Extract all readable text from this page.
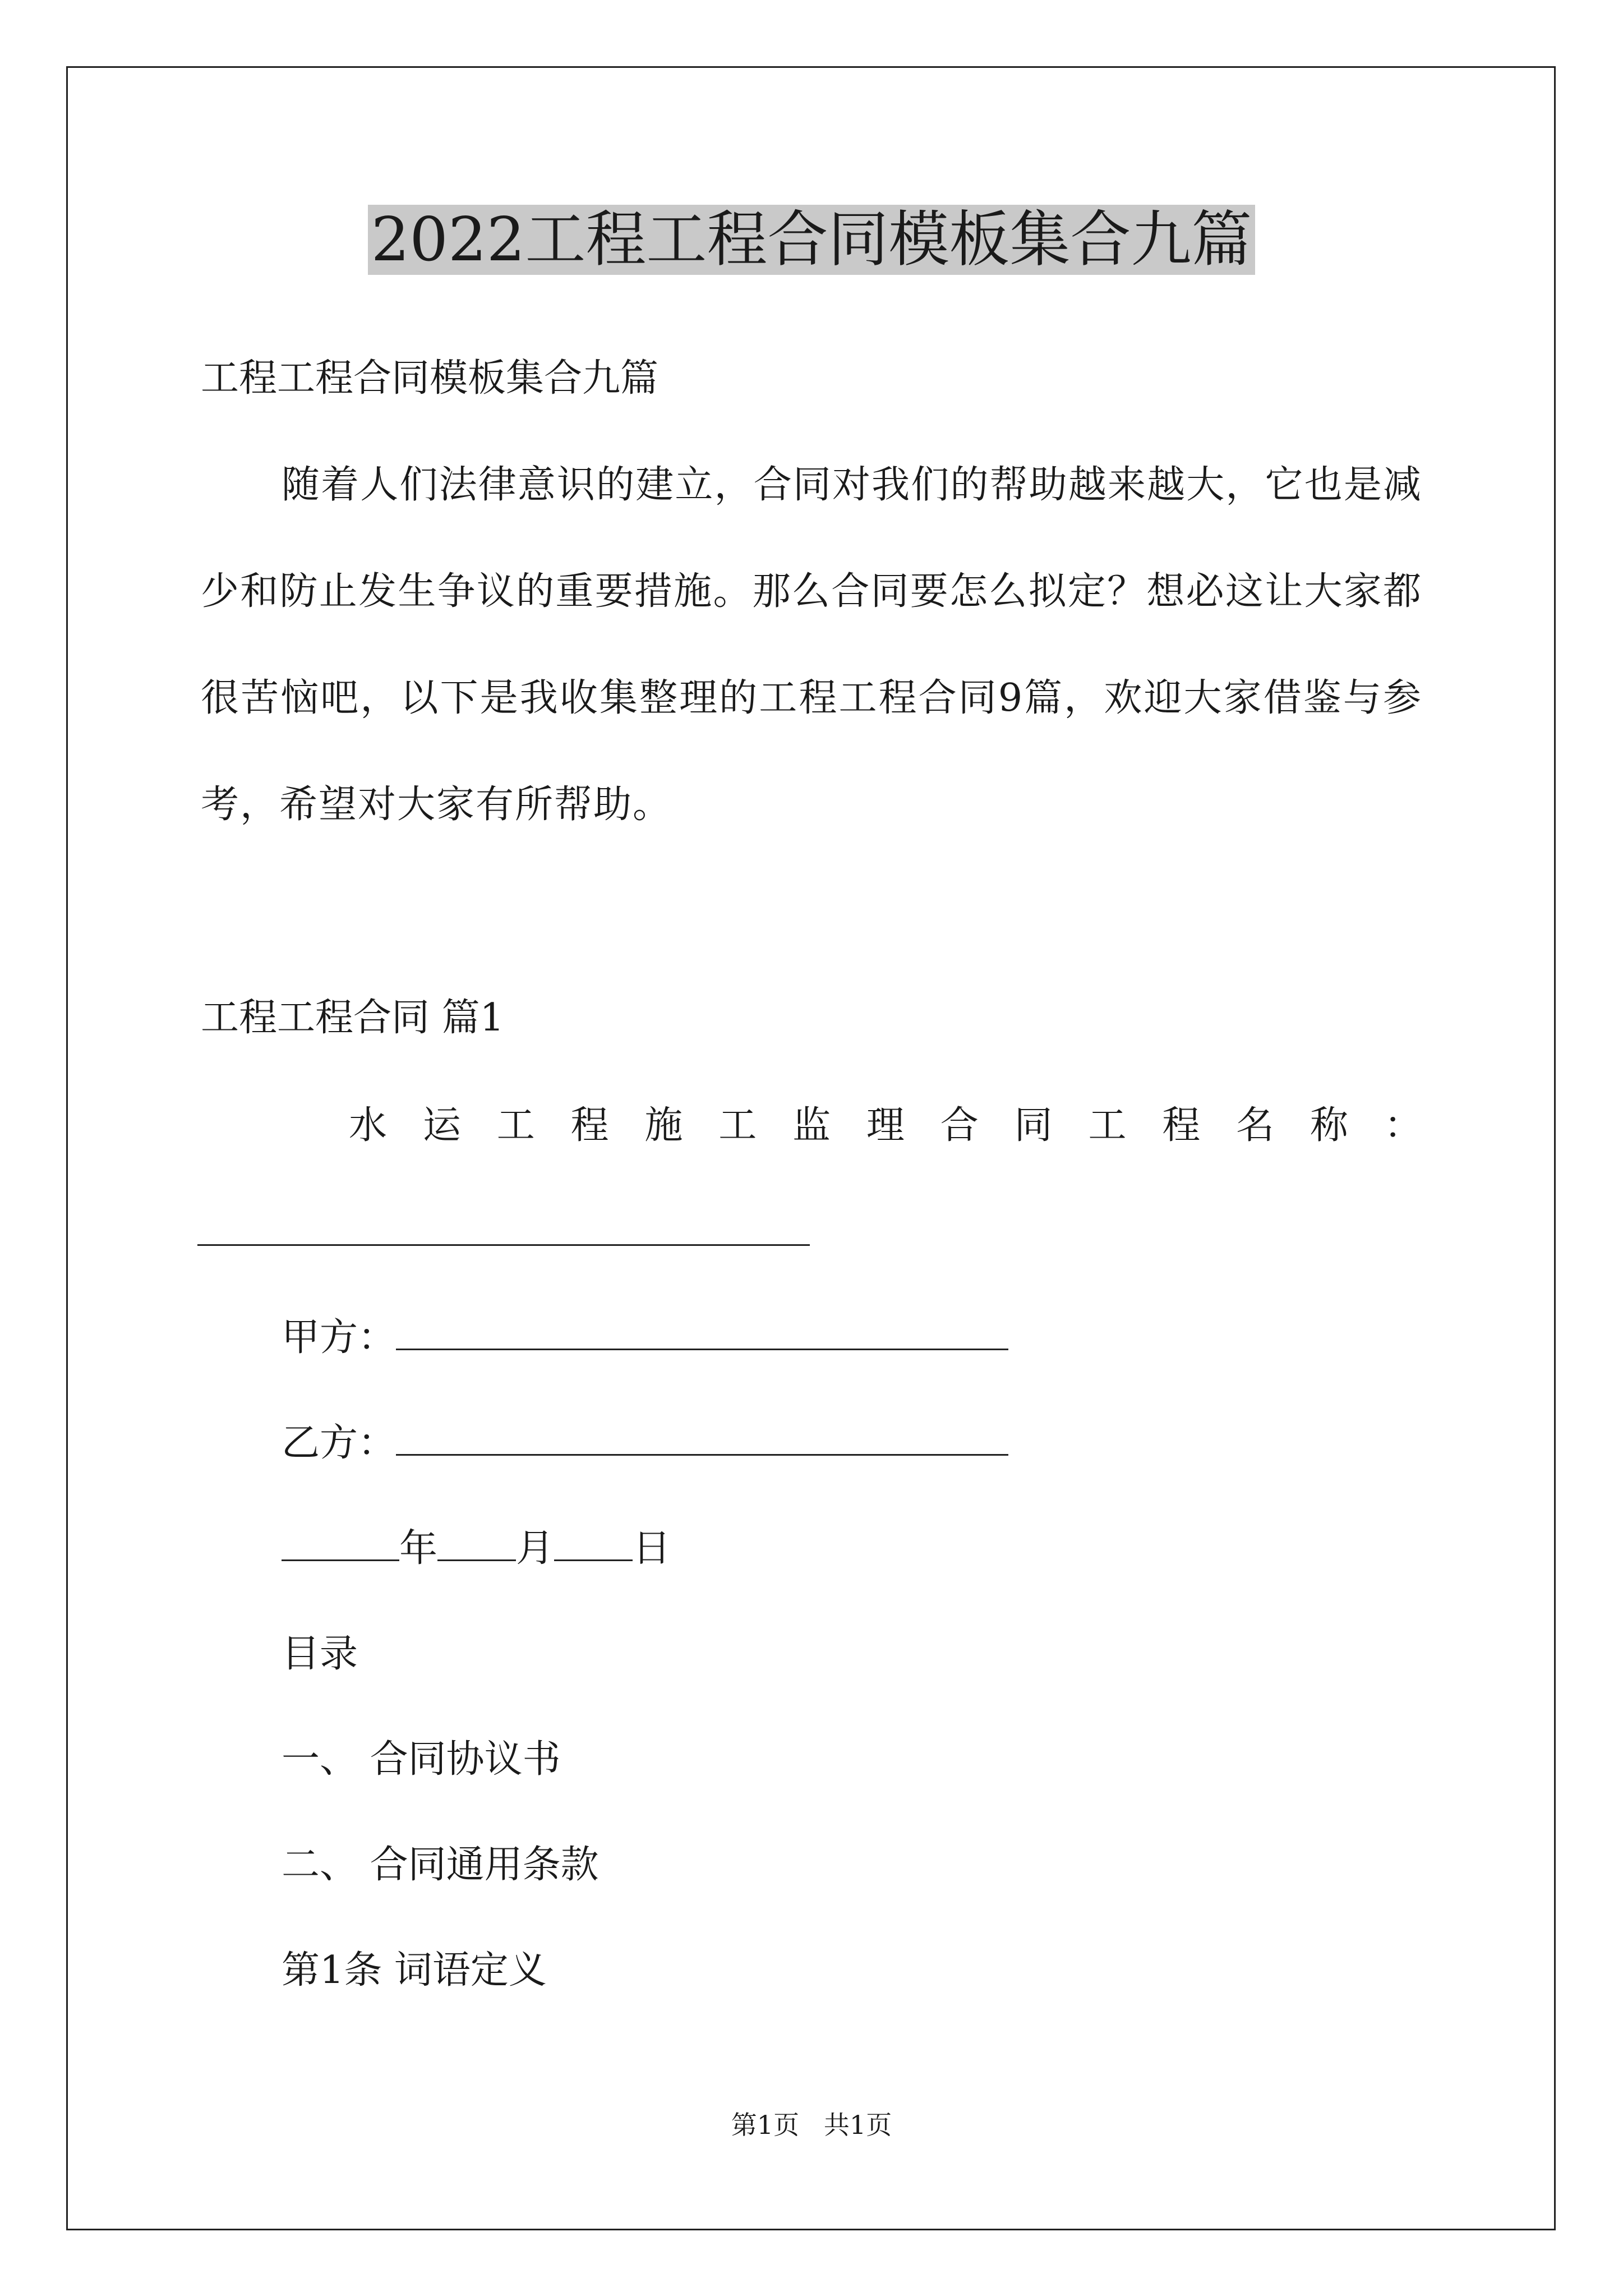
2022工程工程合同模板集合九篇
工程工程合同模板集合九篇
随着人们法律意识的建立，合同对我们的帮助越来越大，它也是减少和防止发生争议的重要措施。那么合同要怎么拟定？想必这让大家都很苦恼吧，以下是我收集整理的工程工程合同9篇，欢迎大家借鉴与参考，希望对大家有所帮助。
工程工程合同 篇1
水 运 工 程 施 工 监 理 合 同 工 程 名 称 ：
甲方：
乙方：
年 月 日
目录
一、 合同协议书
二、 合同通用条款
第1条 词语定义
第1页   共1页
